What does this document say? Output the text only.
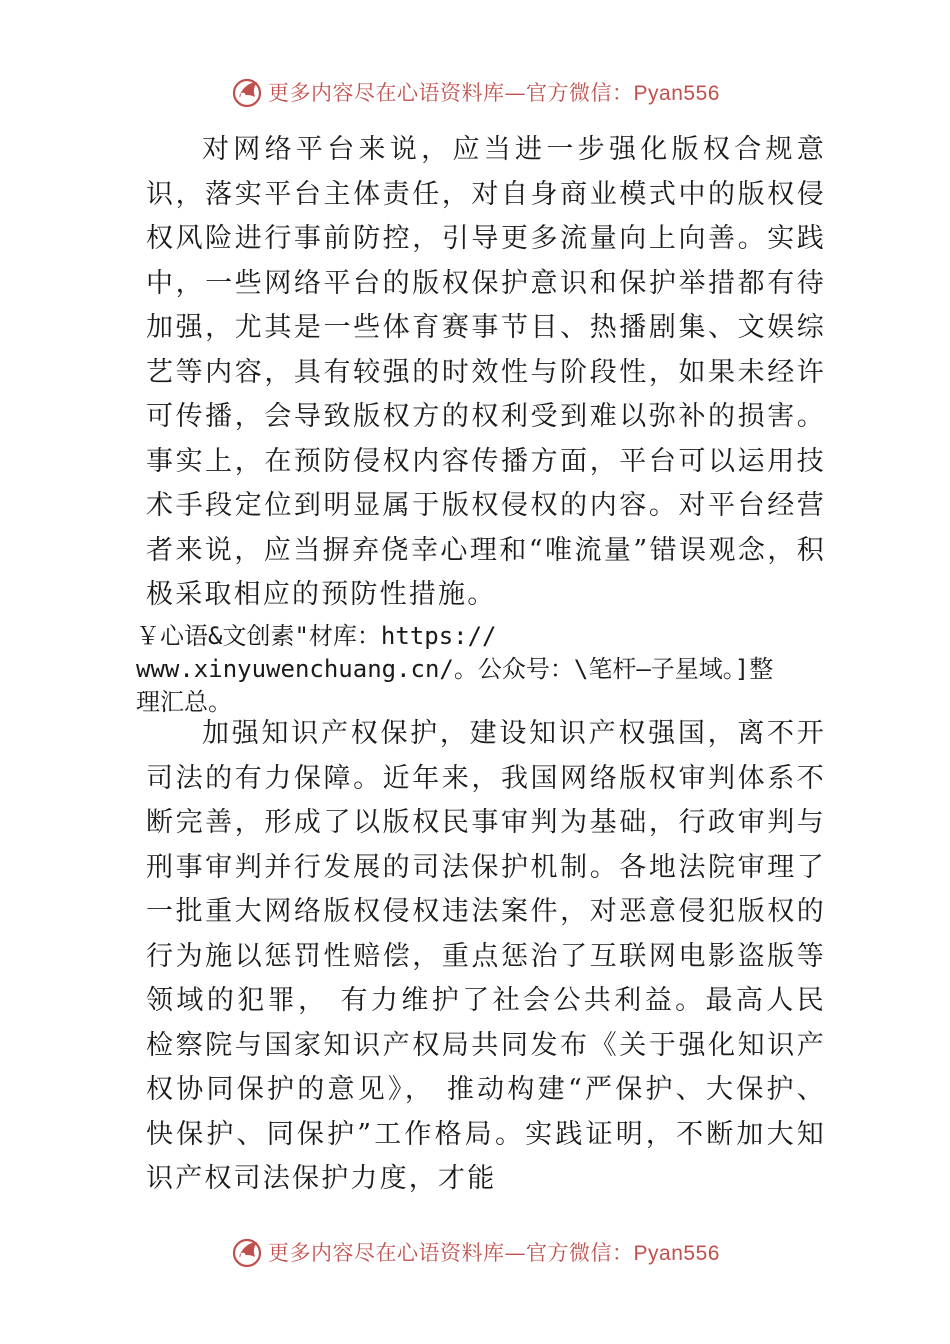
更多内容尽在心语资料库—官方微信：Pyan556

对网络平台来说，应当进一步强化版权合规意识，落实平台主体责任，对自身商业模式中的版权侵权风险进行事前防控，引导更多流量向上向善。实践中，一些网络平台的版权保护意识和保护举措都有待加强，尤其是一些体育赛事节目、热播剧集、文娱综艺等内容，具有较强的时效性与阶段性，如果未经许可传播，会导致版权方的权利受到难以弥补的损害。事实上，在预防侵权内容传播方面，平台可以运用技术手段定位到明显属于版权侵权的内容。对平台经营者来说，应当摒弃侥幸心理和“唯流量”错误观念，积极采取相应的预防性措施。

￥心语&文创素"材库：https://
www.xinyuwenchuang.cn/。公众号：\笔杆—子星域。]整
理汇总。

加强知识产权保护，建设知识产权强国，离不开司法的有力保障。近年来，我国网络版权审判体系不断完善，形成了以版权民事审判为基础，行政审判与刑事审判并行发展的司法保护机制。各地法院审理了一批重大网络版权侵权违法案件，对恶意侵犯版权的行为施以惩罚性赔偿，重点惩治了互联网电影盗版等领域的犯罪， 有力维护了社会公共利益。最高人民检察院与国家知识产权局共同发布《关于强化知识产权协同保护的意见》， 推动构建“严保护、大保护、快保护、同保护”工作格局。实践证明，不断加大知识产权司法保护力度，才能

更多内容尽在心语资料库—官方微信：Pyan556
